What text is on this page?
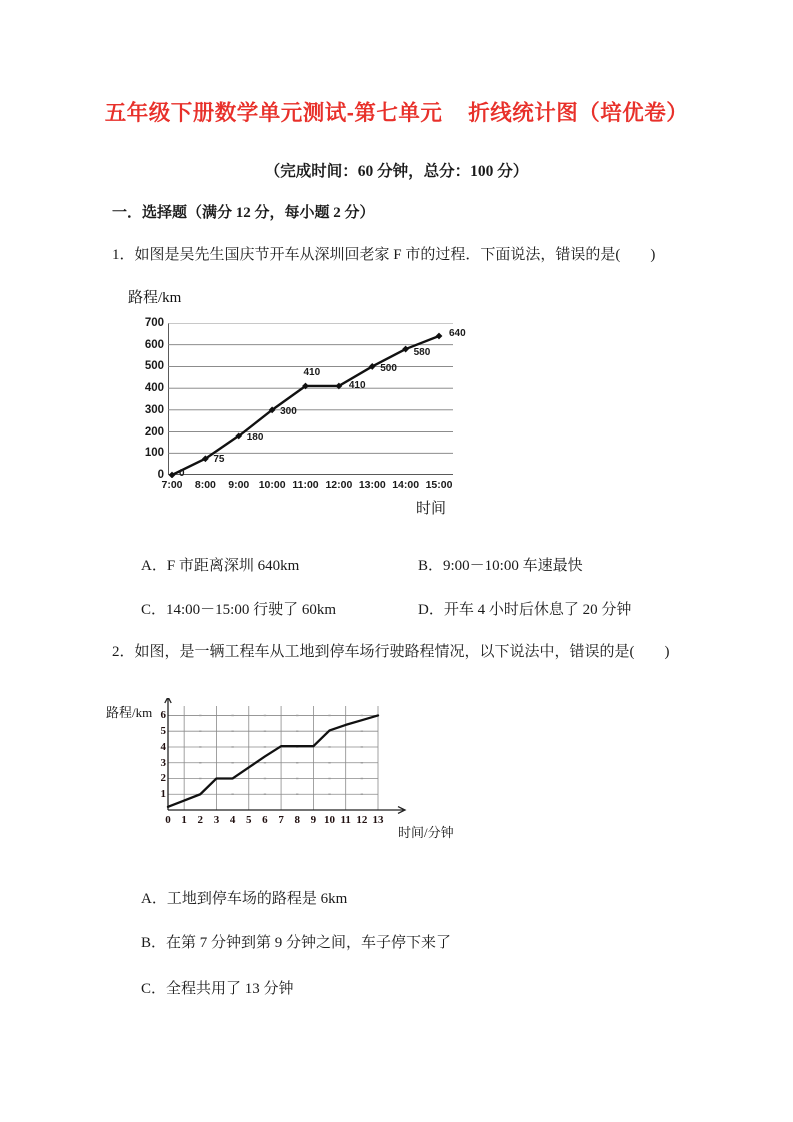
五年级下册数学单元测试-第七单元    折线统计图（培优卷）
（完成时间：60 分钟，总分：100 分）
一．选择题（满分 12 分，每小题 2 分）
1．如图是吴先生国庆节开车从深圳回老家 F 市的过程．下面说法，错误的是(        )
路程/km
时间
0
100
200
300
400
500
600
700
7:00 8:00 9:00 10:00 11:00 12:00 13:00 14:00 15:00
0
75
180
300
410
410
500
580
640
A．F 市距离深圳 640km	B．9:00－10:00 车速最快
C．14:00－15:00 行驶了 60km	D．开车 4 小时后休息了 20 分钟
2．如图，是一辆工程车从工地到停车场行驶路程情况，以下说法中，错误的是(        )
路程/km
时间/分钟
1
2
3
4
5
6
0 1 2 3 4 5 6 7 8 9 10 11 12 13
A．工地到停车场的路程是 6km
B．在第 7 分钟到第 9 分钟之间，车子停下来了
C．全程共用了 13 分钟
